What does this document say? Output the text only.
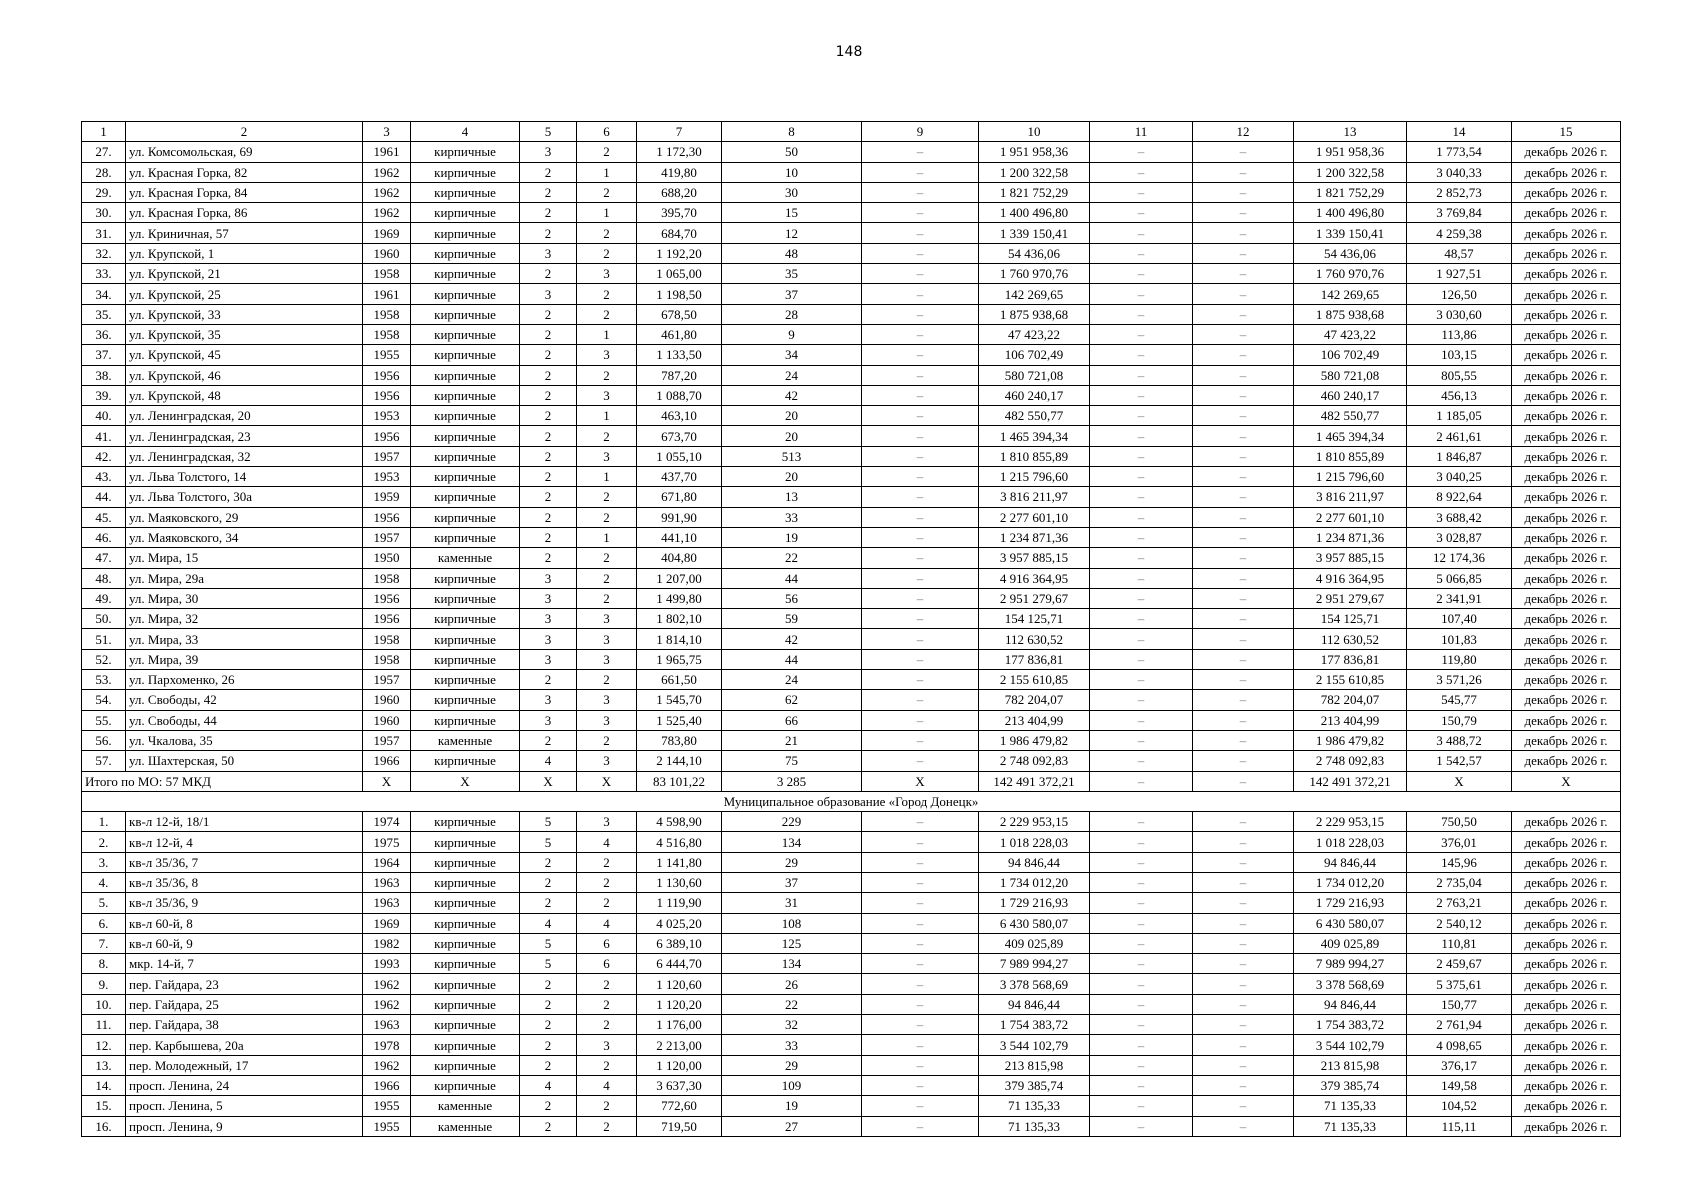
148
1	2	3	4	5	6	7	8	9	10	11	12	13	14	15
27.	ул. Комсомольская, 69	1961	кирпичные	3	2	1 172,30	50	–	1 951 958,36	–	–	1 951 958,36	1 773,54	декабрь 2026 г.
28.	ул. Красная Горка, 82	1962	кирпичные	2	1	419,80	10	–	1 200 322,58	–	–	1 200 322,58	3 040,33	декабрь 2026 г.
29.	ул. Красная Горка, 84	1962	кирпичные	2	2	688,20	30	–	1 821 752,29	–	–	1 821 752,29	2 852,73	декабрь 2026 г.
30.	ул. Красная Горка, 86	1962	кирпичные	2	1	395,70	15	–	1 400 496,80	–	–	1 400 496,80	3 769,84	декабрь 2026 г.
31.	ул. Криничная, 57	1969	кирпичные	2	2	684,70	12	–	1 339 150,41	–	–	1 339 150,41	4 259,38	декабрь 2026 г.
32.	ул. Крупской, 1	1960	кирпичные	3	2	1 192,20	48	–	54 436,06	–	–	54 436,06	48,57	декабрь 2026 г.
33.	ул. Крупской, 21	1958	кирпичные	2	3	1 065,00	35	–	1 760 970,76	–	–	1 760 970,76	1 927,51	декабрь 2026 г.
34.	ул. Крупской, 25	1961	кирпичные	3	2	1 198,50	37	–	142 269,65	–	–	142 269,65	126,50	декабрь 2026 г.
35.	ул. Крупской, 33	1958	кирпичные	2	2	678,50	28	–	1 875 938,68	–	–	1 875 938,68	3 030,60	декабрь 2026 г.
36.	ул. Крупской, 35	1958	кирпичные	2	1	461,80	9	–	47 423,22	–	–	47 423,22	113,86	декабрь 2026 г.
37.	ул. Крупской, 45	1955	кирпичные	2	3	1 133,50	34	–	106 702,49	–	–	106 702,49	103,15	декабрь 2026 г.
38.	ул. Крупской, 46	1956	кирпичные	2	2	787,20	24	–	580 721,08	–	–	580 721,08	805,55	декабрь 2026 г.
39.	ул. Крупской, 48	1956	кирпичные	2	3	1 088,70	42	–	460 240,17	–	–	460 240,17	456,13	декабрь 2026 г.
40.	ул. Ленинградская, 20	1953	кирпичные	2	1	463,10	20	–	482 550,77	–	–	482 550,77	1 185,05	декабрь 2026 г.
41.	ул. Ленинградская, 23	1956	кирпичные	2	2	673,70	20	–	1 465 394,34	–	–	1 465 394,34	2 461,61	декабрь 2026 г.
42.	ул. Ленинградская, 32	1957	кирпичные	2	3	1 055,10	513	–	1 810 855,89	–	–	1 810 855,89	1 846,87	декабрь 2026 г.
43.	ул. Льва Толстого, 14	1953	кирпичные	2	1	437,70	20	–	1 215 796,60	–	–	1 215 796,60	3 040,25	декабрь 2026 г.
44.	ул. Льва Толстого, 30а	1959	кирпичные	2	2	671,80	13	–	3 816 211,97	–	–	3 816 211,97	8 922,64	декабрь 2026 г.
45.	ул. Маяковского, 29	1956	кирпичные	2	2	991,90	33	–	2 277 601,10	–	–	2 277 601,10	3 688,42	декабрь 2026 г.
46.	ул. Маяковского, 34	1957	кирпичные	2	1	441,10	19	–	1 234 871,36	–	–	1 234 871,36	3 028,87	декабрь 2026 г.
47.	ул. Мира, 15	1950	каменные	2	2	404,80	22	–	3 957 885,15	–	–	3 957 885,15	12 174,36	декабрь 2026 г.
48.	ул. Мира, 29а	1958	кирпичные	3	2	1 207,00	44	–	4 916 364,95	–	–	4 916 364,95	5 066,85	декабрь 2026 г.
49.	ул. Мира, 30	1956	кирпичные	3	2	1 499,80	56	–	2 951 279,67	–	–	2 951 279,67	2 341,91	декабрь 2026 г.
50.	ул. Мира, 32	1956	кирпичные	3	3	1 802,10	59	–	154 125,71	–	–	154 125,71	107,40	декабрь 2026 г.
51.	ул. Мира, 33	1958	кирпичные	3	3	1 814,10	42	–	112 630,52	–	–	112 630,52	101,83	декабрь 2026 г.
52.	ул. Мира, 39	1958	кирпичные	3	3	1 965,75	44	–	177 836,81	–	–	177 836,81	119,80	декабрь 2026 г.
53.	ул. Пархоменко, 26	1957	кирпичные	2	2	661,50	24	–	2 155 610,85	–	–	2 155 610,85	3 571,26	декабрь 2026 г.
54.	ул. Свободы, 42	1960	кирпичные	3	3	1 545,70	62	–	782 204,07	–	–	782 204,07	545,77	декабрь 2026 г.
55.	ул. Свободы, 44	1960	кирпичные	3	3	1 525,40	66	–	213 404,99	–	–	213 404,99	150,79	декабрь 2026 г.
56.	ул. Чкалова, 35	1957	каменные	2	2	783,80	21	–	1 986 479,82	–	–	1 986 479,82	3 488,72	декабрь 2026 г.
57.	ул. Шахтерская, 50	1966	кирпичные	4	3	2 144,10	75	–	2 748 092,83	–	–	2 748 092,83	1 542,57	декабрь 2026 г.
Итого по МО: 57 МКД		X	X	X	X	83 101,22	3 285	X	142 491 372,21	–	–	142 491 372,21	X	X
Муниципальное образование «Город Донецк»														
1.	кв-л 12-й, 18/1	1974	кирпичные	5	3	4 598,90	229	–	2 229 953,15	–	–	2 229 953,15	750,50	декабрь 2026 г.
2.	кв-л 12-й, 4	1975	кирпичные	5	4	4 516,80	134	–	1 018 228,03	–	–	1 018 228,03	376,01	декабрь 2026 г.
3.	кв-л 35/36, 7	1964	кирпичные	2	2	1 141,80	29	–	94 846,44	–	–	94 846,44	145,96	декабрь 2026 г.
4.	кв-л 35/36, 8	1963	кирпичные	2	2	1 130,60	37	–	1 734 012,20	–	–	1 734 012,20	2 735,04	декабрь 2026 г.
5.	кв-л 35/36, 9	1963	кирпичные	2	2	1 119,90	31	–	1 729 216,93	–	–	1 729 216,93	2 763,21	декабрь 2026 г.
6.	кв-л 60-й, 8	1969	кирпичные	4	4	4 025,20	108	–	6 430 580,07	–	–	6 430 580,07	2 540,12	декабрь 2026 г.
7.	кв-л 60-й, 9	1982	кирпичные	5	6	6 389,10	125	–	409 025,89	–	–	409 025,89	110,81	декабрь 2026 г.
8.	мкр. 14-й, 7	1993	кирпичные	5	6	6 444,70	134	–	7 989 994,27	–	–	7 989 994,27	2 459,67	декабрь 2026 г.
9.	пер. Гайдара, 23	1962	кирпичные	2	2	1 120,60	26	–	3 378 568,69	–	–	3 378 568,69	5 375,61	декабрь 2026 г.
10.	пер. Гайдара, 25	1962	кирпичные	2	2	1 120,20	22	–	94 846,44	–	–	94 846,44	150,77	декабрь 2026 г.
11.	пер. Гайдара, 38	1963	кирпичные	2	2	1 176,00	32	–	1 754 383,72	–	–	1 754 383,72	2 761,94	декабрь 2026 г.
12.	пер. Карбышева, 20а	1978	кирпичные	2	3	2 213,00	33	–	3 544 102,79	–	–	3 544 102,79	4 098,65	декабрь 2026 г.
13.	пер. Молодежный, 17	1962	кирпичные	2	2	1 120,00	29	–	213 815,98	–	–	213 815,98	376,17	декабрь 2026 г.
14.	просп. Ленина, 24	1966	кирпичные	4	4	3 637,30	109	–	379 385,74	–	–	379 385,74	149,58	декабрь 2026 г.
15.	просп. Ленина, 5	1955	каменные	2	2	772,60	19	–	71 135,33	–	–	71 135,33	104,52	декабрь 2026 г.
16.	просп. Ленина, 9	1955	каменные	2	2	719,50	27	–	71 135,33	–	–	71 135,33	115,11	декабрь 2026 г.
